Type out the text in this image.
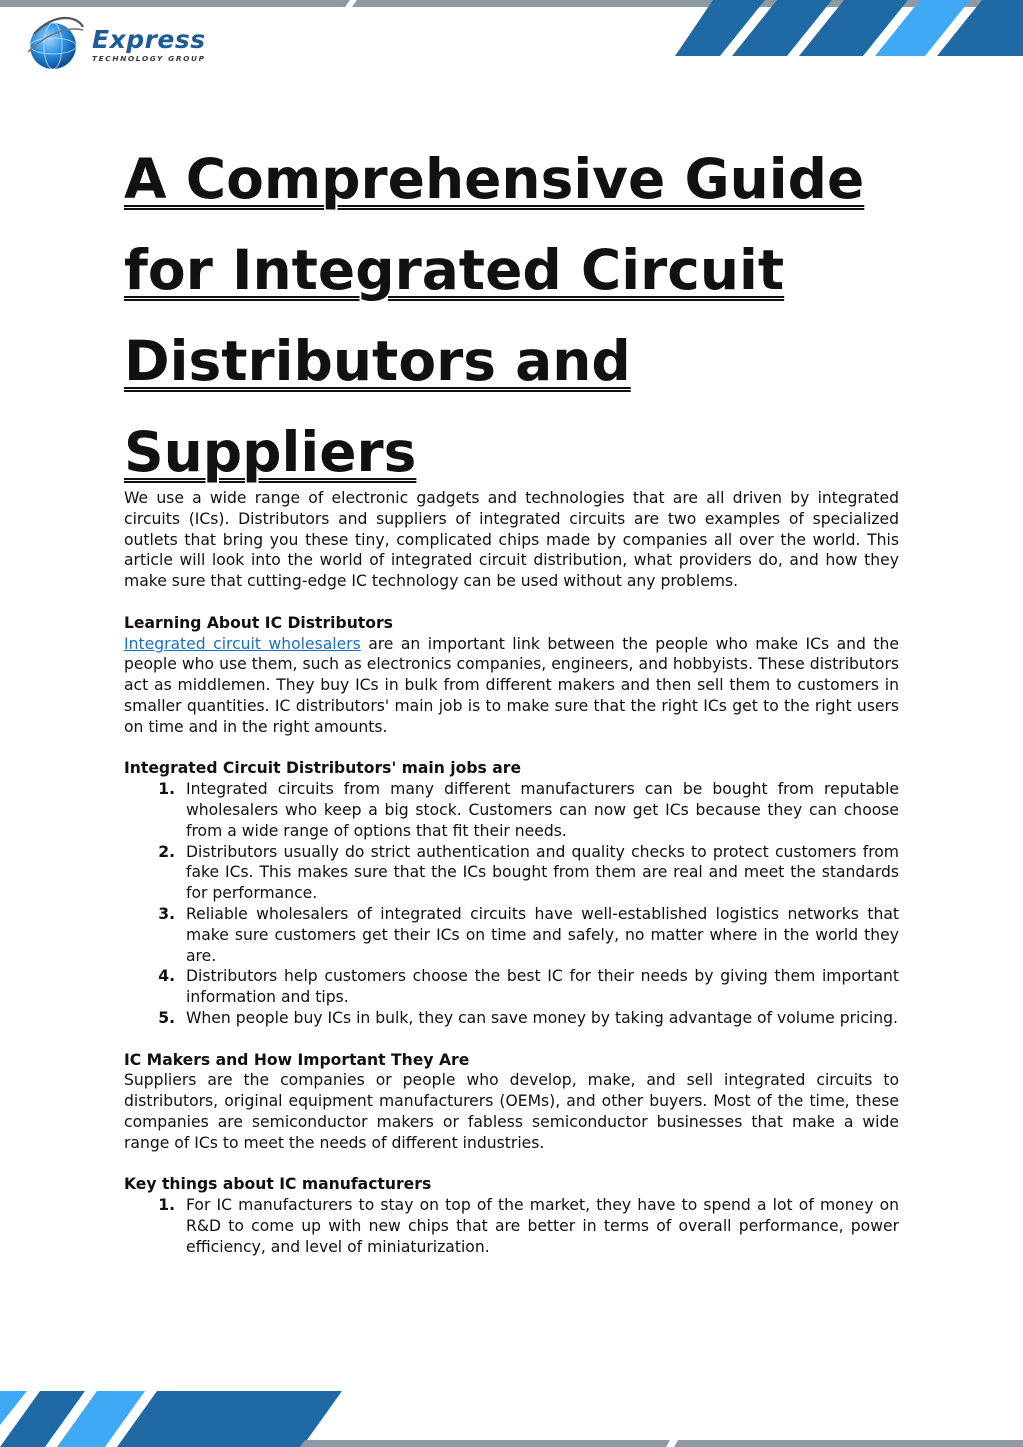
Express
TECHNOLOGY GROUP
A Comprehensive Guide for Integrated Circuit Distributors and Suppliers

We use a wide range of electronic gadgets and technologies that are all driven by integrated circuits (ICs). Distributors and suppliers of integrated circuits are two examples of specialized outlets that bring you these tiny, complicated chips made by companies all over the world. This article will look into the world of integrated circuit distribution, what providers do, and how they make sure that cutting-edge IC technology can be used without any problems.

Learning About IC Distributors

Integrated circuit wholesalers are an important link between the people who make ICs and the people who use them, such as electronics companies, engineers, and hobbyists. These distributors act as middlemen. They buy ICs in bulk from different makers and then sell them to customers in smaller quantities. IC distributors' main job is to make sure that the right ICs get to the right users on time and in the right amounts.

Integrated Circuit Distributors' main jobs are
1. Integrated circuits from many different manufacturers can be bought from reputable wholesalers who keep a big stock. Customers can now get ICs because they can choose from a wide range of options that fit their needs.
2. Distributors usually do strict authentication and quality checks to protect customers from fake ICs. This makes sure that the ICs bought from them are real and meet the standards for performance.
3. Reliable wholesalers of integrated circuits have well-established logistics networks that make sure customers get their ICs on time and safely, no matter where in the world they are.
4. Distributors help customers choose the best IC for their needs by giving them important information and tips.
5. When people buy ICs in bulk, they can save money by taking advantage of volume pricing.
IC Makers and How Important They Are

Suppliers are the companies or people who develop, make, and sell integrated circuits to distributors, original equipment manufacturers (OEMs), and other buyers. Most of the time, these companies are semiconductor makers or fabless semiconductor businesses that make a wide range of ICs to meet the needs of different industries.

Key things about IC manufacturers
1. For IC manufacturers to stay on top of the market, they have to spend a lot of money on R&D to come up with new chips that are better in terms of overall performance, power efficiency, and level of miniaturization.
